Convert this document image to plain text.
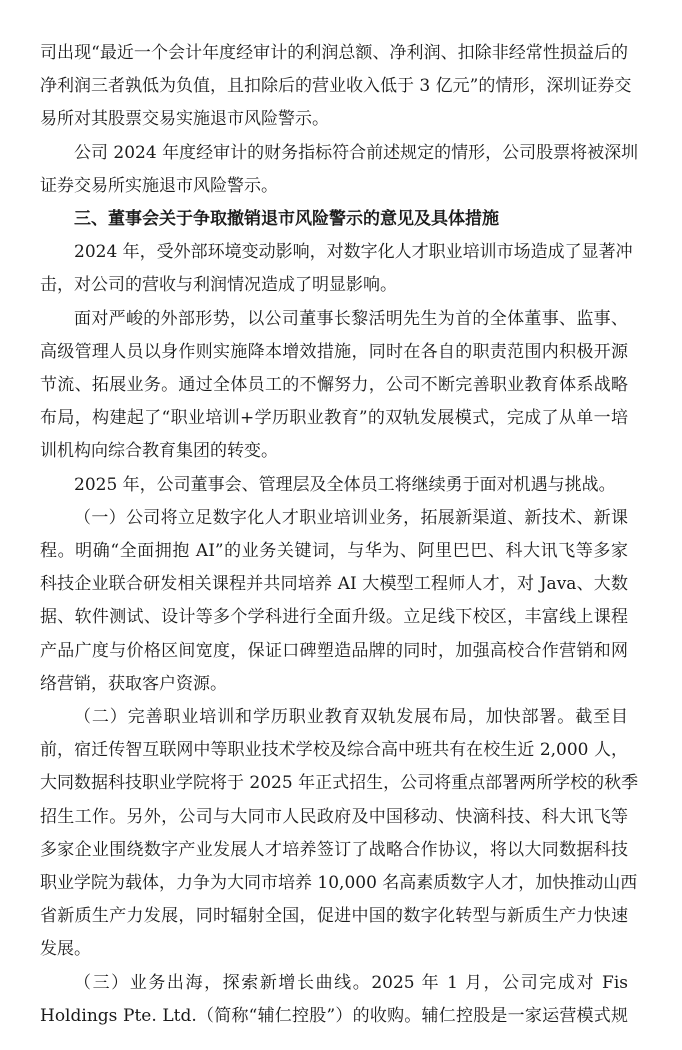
司出现“最近一个会计年度经审计的利润总额、净利润、扣除非经常性损益后的
净利润三者孰低为负值，且扣除后的营业收入低于 3 亿元”的情形，深圳证券交
易所对其股票交易实施退市风险警示。
公司 2024 年度经审计的财务指标符合前述规定的情形，公司股票将被深圳
证券交易所实施退市风险警示。
三、董事会关于争取撤销退市风险警示的意见及具体措施
2024 年，受外部环境变动影响，对数字化人才职业培训市场造成了显著冲
击，对公司的营收与利润情况造成了明显影响。
面对严峻的外部形势，以公司董事长黎活明先生为首的全体董事、监事、
高级管理人员以身作则实施降本增效措施，同时在各自的职责范围内积极开源
节流、拓展业务。通过全体员工的不懈努力，公司不断完善职业教育体系战略
布局，构建起了“职业培训+学历职业教育”的双轨发展模式，完成了从单一培
训机构向综合教育集团的转变。
2025 年，公司董事会、管理层及全体员工将继续勇于面对机遇与挑战。
（一）公司将立足数字化人才职业培训业务，拓展新渠道、新技术、新课
程。明确“全面拥抱 AI”的业务关键词，与华为、阿里巴巴、科大讯飞等多家
科技企业联合研发相关课程并共同培养 AI 大模型工程师人才，对 Java、大数
据、软件测试、设计等多个学科进行全面升级。立足线下校区，丰富线上课程
产品广度与价格区间宽度，保证口碑塑造品牌的同时，加强高校合作营销和网
络营销，获取客户资源。
（二）完善职业培训和学历职业教育双轨发展布局，加快部署。截至目
前，宿迁传智互联网中等职业技术学校及综合高中班共有在校生近 2,000 人，
大同数据科技职业学院将于 2025 年正式招生，公司将重点部署两所学校的秋季
招生工作。另外，公司与大同市人民政府及中国移动、快滴科技、科大讯飞等
多家企业围绕数字产业发展人才培养签订了战略合作协议，将以大同数据科技
职业学院为载体，力争为大同市培养 10,000 名高素质数字人才，加快推动山西
省新质生产力发展，同时辐射全国，促进中国的数字化转型与新质生产力快速
发展。
（三）业务出海，探索新增长曲线。2025 年 1 月，公司完成对 Fis
Holdings Pte. Ltd.（简称“辅仁控股”）的收购。辅仁控股是一家运营模式规
